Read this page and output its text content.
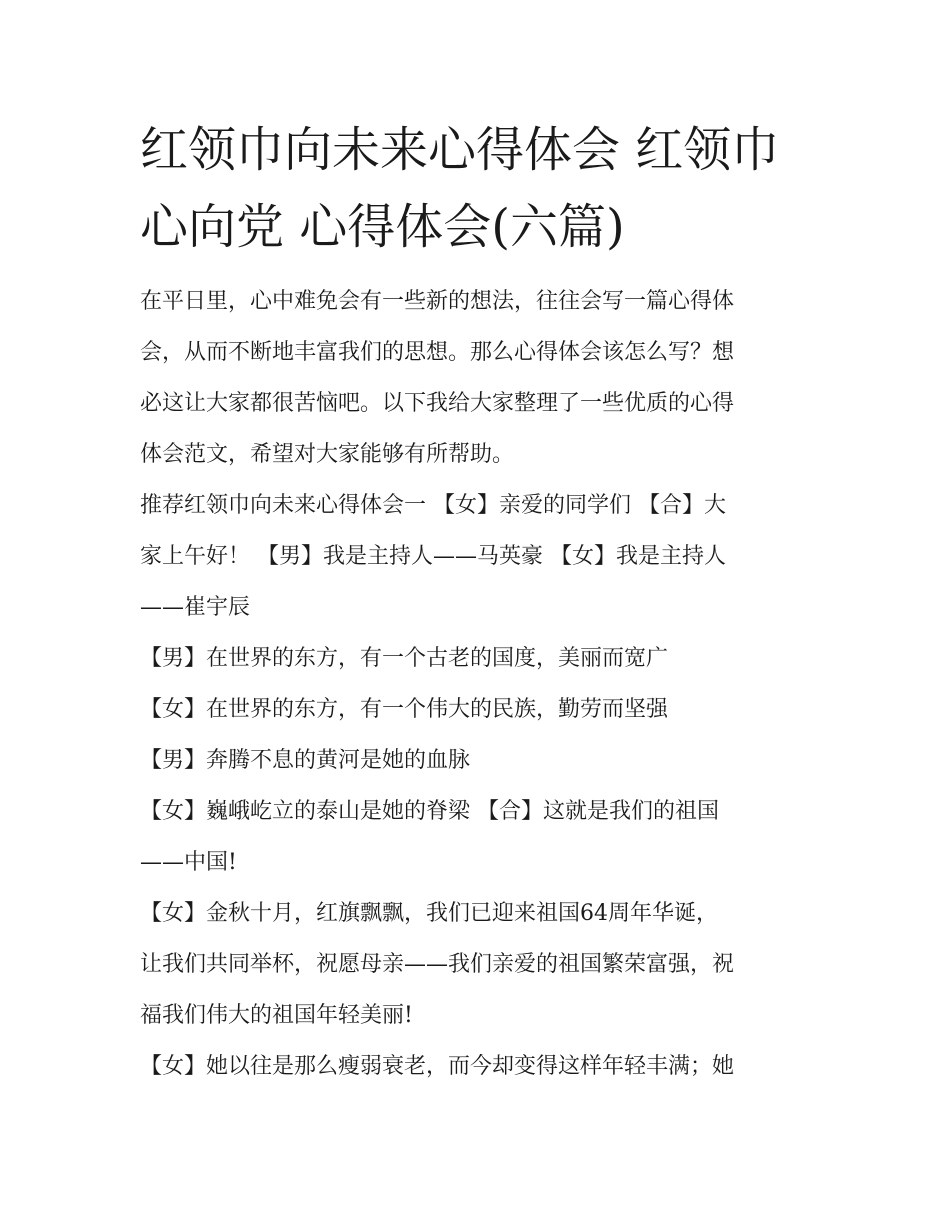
红领巾向未来心得体会 红领巾
心向党 心得体会(六篇)
在平日里，心中难免会有一些新的想法，往往会写一篇心得体
会，从而不断地丰富我们的思想。那么心得体会该怎么写？想
必这让大家都很苦恼吧。以下我给大家整理了一些优质的心得
体会范文，希望对大家能够有所帮助。
推荐红领巾向未来心得体会一 【女】亲爱的同学们 【合】大
家上午好！ 【男】我是主持人——马英豪 【女】我是主持人
——崔宇辰
【男】在世界的东方，有一个古老的国度，美丽而宽广
【女】在世界的东方，有一个伟大的民族，勤劳而坚强
【男】奔腾不息的黄河是她的血脉
【女】巍峨屹立的泰山是她的脊梁 【合】这就是我们的祖国
——中国!
【女】金秋十月，红旗飘飘，我们已迎来祖国64周年华诞，
让我们共同举杯，祝愿母亲——我们亲爱的祖国繁荣富强，祝
福我们伟大的祖国年轻美丽!
【女】她以往是那么瘦弱衰老，而今却变得这样年轻丰满；她
